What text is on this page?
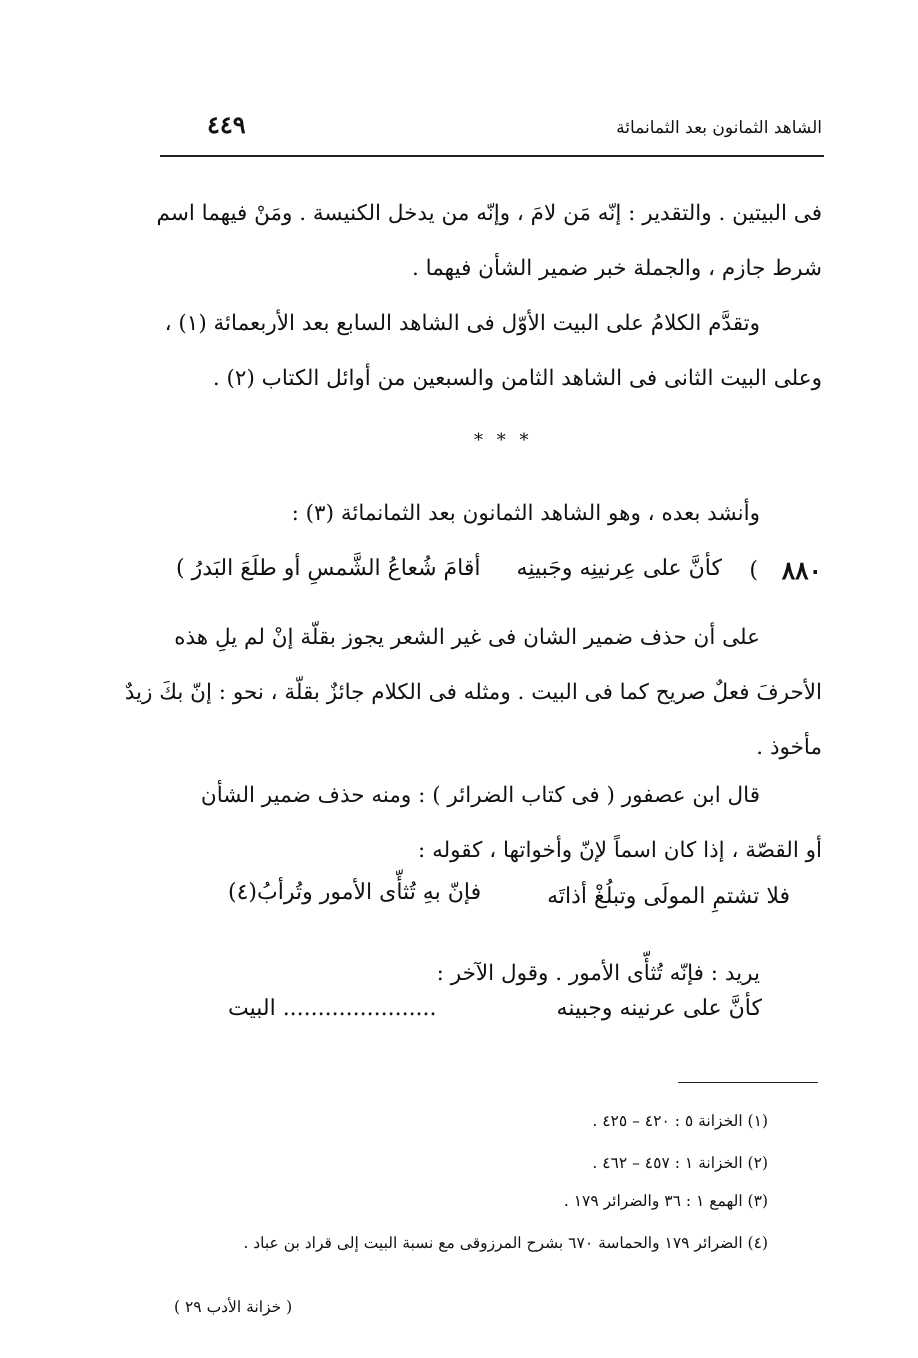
الشاهد الثمانون بعد الثمانمائة
٤٤٩
فى البيتين . والتقدير : إنّه مَن لامَ ، وإنّه من يدخل الكنيسة . ومَنْ فيهما اسم
شرط جازم ، والجملة خبر ضمير الشأن فيهما .
وتقدَّم الكلامُ على البيت الأوّل فى الشاهد السابع بعد الأربعمائة (١) ،
وعلى البيت الثانى فى الشاهد الثامن والسبعين من أوائل الكتاب (٢) .
* * *
وأنشد بعده ، وهو الشاهد الثمانون بعد الثمانمائة (٣) :
٨٨٠
(
كأنَّ على عِرنينِه وجَبينِه
أقامَ شُعاعُ الشَّمسِ أو طلَعَ البَدرُ )
على أن حذف ضمير الشان فى غير الشعر يجوز بقلّة إنْ لم يلِ هذه
الأحرفَ فعلٌ صريح كما فى البيت . ومثله فى الكلام جائزٌ بقلّة ، نحو : إنّ بكَ زيدٌ
مأخوذ .
قال ابن عصفور ( فى كتاب الضرائر ) : ومنه حذف ضمير الشأن
أو القصّة ، إذا كان اسماً لإنّ وأخواتها ، كقوله :
فلا تشتمِ المولَى وتبلُغْ أذاتَه
فإنّ بهِ تُثأّى الأمور وتُرأبُ(٤)
يريد : فإنّه تُثأّى الأمور . وقول الآخر :
كأنَّ على عرنينه وجبينه
...................... البيت
(١) الخزانة ٥ : ٤٢٠ – ٤٢٥ .
(٢) الخزانة ١ : ٤٥٧ – ٤٦٢ .
(٣) الهمع ١ : ٣٦ والضرائر ١٧٩ .
(٤) الضرائر ١٧٩ والحماسة ٦٧٠ بشرح المرزوقى مع نسبة البيت إلى قراد بن عباد .
( خزانة الأدب ٢٩ )
